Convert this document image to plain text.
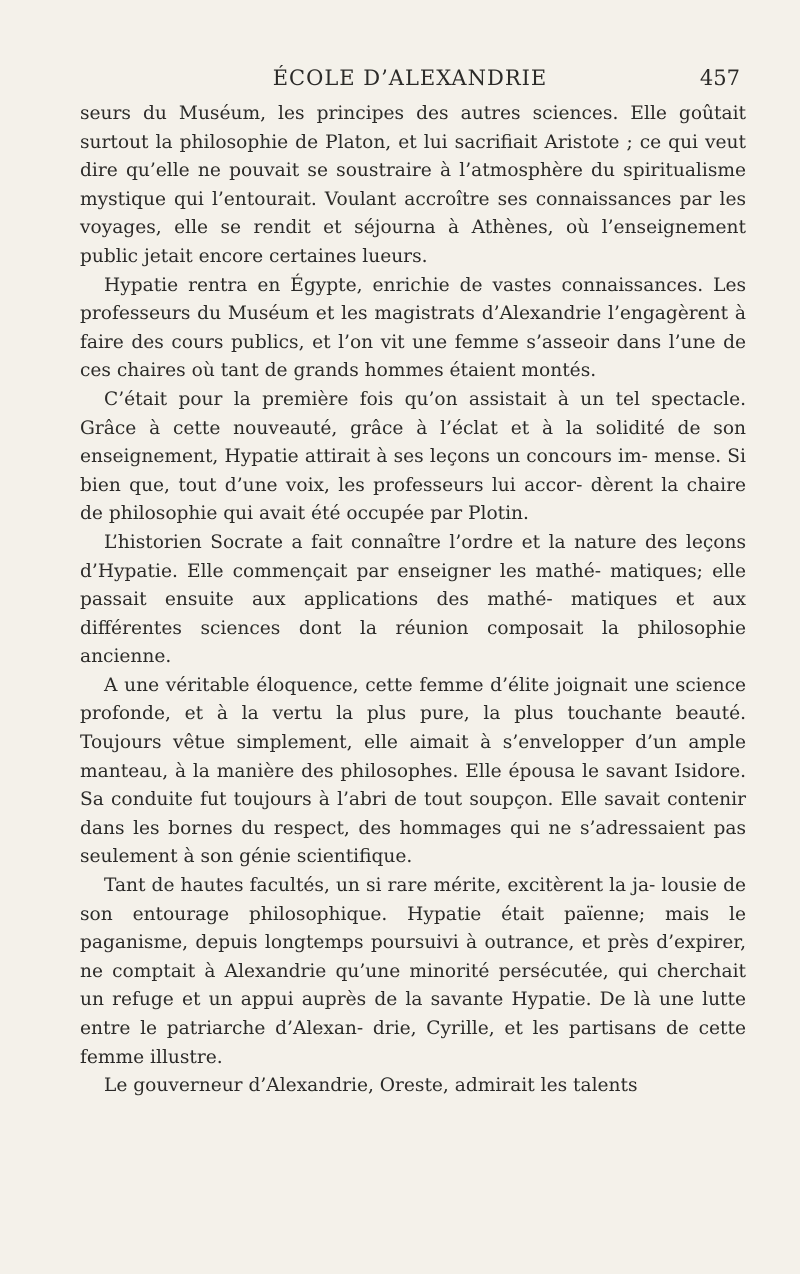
ÉCOLE D’ALEXANDRIE	457

seurs du Muséum, les principes des autres sciences. Elle goûtait surtout la philosophie de Platon, et lui sacrifiait Aristote ; ce qui veut dire qu’elle ne pouvait se soustraire à l’atmosphère du spiritualisme mystique qui l’entourait. Voulant accroître ses connaissances par les voyages, elle se rendit et séjourna à Athènes, où l’enseignement public jetait encore certaines lueurs.

Hypatie rentra en Égypte, enrichie de vastes connaissances. Les professeurs du Muséum et les magistrats d’Alexandrie l’engagèrent à faire des cours publics, et l’on vit une femme s’asseoir dans l’une de ces chaires où tant de grands hommes étaient montés.

C’était pour la première fois qu’on assistait à un tel spectacle. Grâce à cette nouveauté, grâce à l’éclat et à la solidité de son enseignement, Hypatie attirait à ses leçons un concours im- mense. Si bien que, tout d’une voix, les professeurs lui accor- dèrent la chaire de philosophie qui avait été occupée par Plotin.

L’historien Socrate a fait connaître l’ordre et la nature des leçons d’Hypatie. Elle commençait par enseigner les mathé- matiques; elle passait ensuite aux applications des mathé- matiques et aux différentes sciences dont la réunion composait la philosophie ancienne.

A une véritable éloquence, cette femme d’élite joignait une science profonde, et à la vertu la plus pure, la plus touchante beauté. Toujours vêtue simplement, elle aimait à s’envelopper d’un ample manteau, à la manière des philosophes. Elle épousa le savant Isidore. Sa conduite fut toujours à l’abri de tout soupçon. Elle savait contenir dans les bornes du respect, des hommages qui ne s’adressaient pas seulement à son génie scientifique.

Tant de hautes facultés, un si rare mérite, excitèrent la ja- lousie de son entourage philosophique. Hypatie était païenne; mais le paganisme, depuis longtemps poursuivi à outrance, et près d’expirer, ne comptait à Alexandrie qu’une minorité persécutée, qui cherchait un refuge et un appui auprès de la savante Hypatie. De là une lutte entre le patriarche d’Alexan- drie, Cyrille, et les partisans de cette femme illustre.

Le gouverneur d’Alexandrie, Oreste, admirait les talents
